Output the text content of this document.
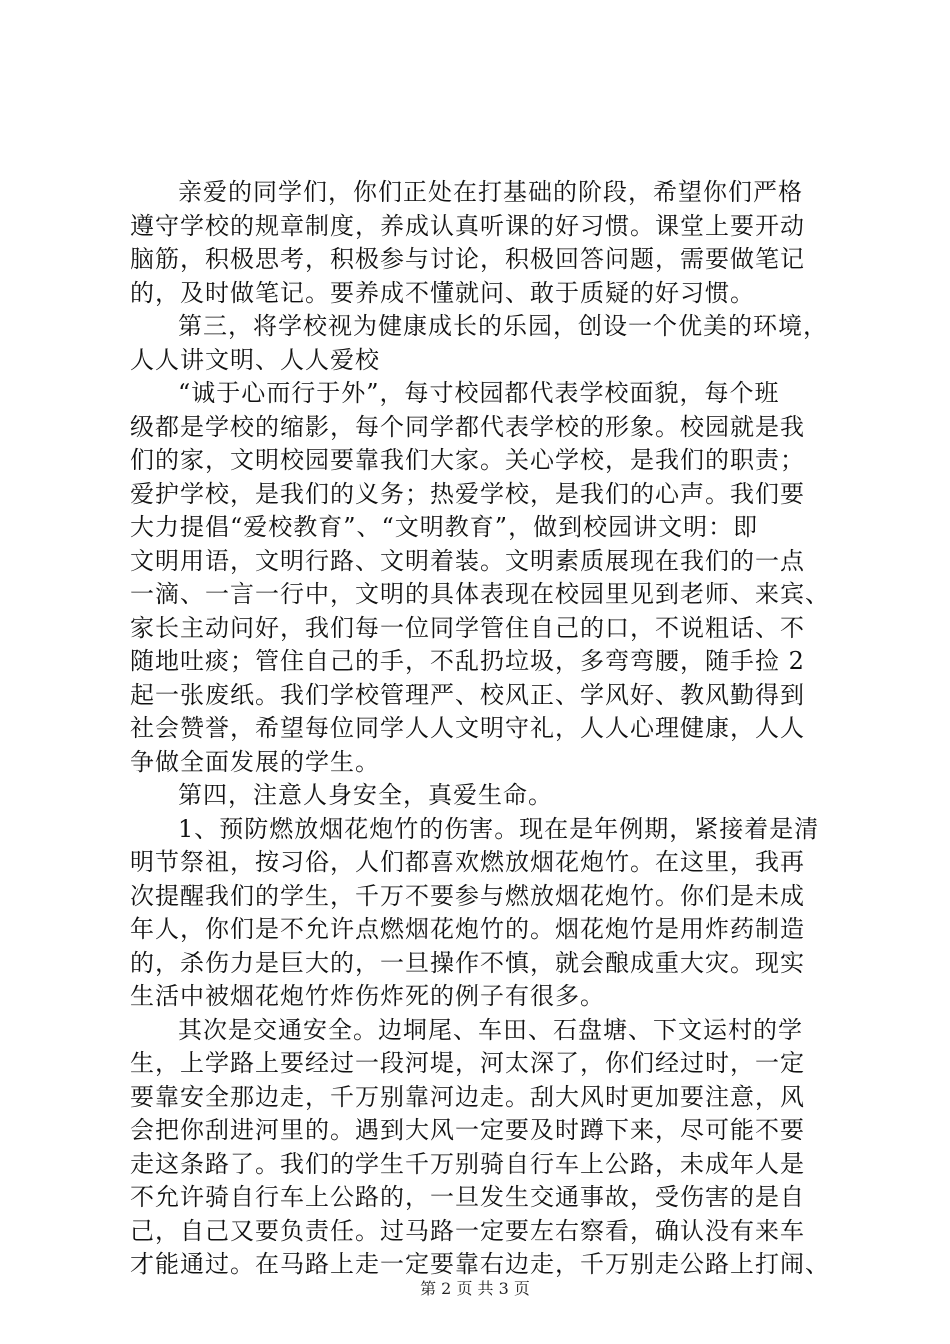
亲爱的同学们，你们正处在打基础的阶段，希望你们严格
遵守学校的规章制度，养成认真听课的好习惯。课堂上要开动
脑筋，积极思考，积极参与讨论，积极回答问题，需要做笔记
的，及时做笔记。要养成不懂就问、敢于质疑的好习惯。
第三，将学校视为健康成长的乐园，创设一个优美的环境，
人人讲文明、人人爱校
“诚于心而行于外”，每寸校园都代表学校面貌，每个班
级都是学校的缩影，每个同学都代表学校的形象。校园就是我
们的家，文明校园要靠我们大家。关心学校，是我们的职责；
爱护学校，是我们的义务；热爱学校，是我们的心声。我们要
大力提倡“爱校教育”、“文明教育”，做到校园讲文明：即
文明用语，文明行路、文明着装。文明素质展现在我们的一点
一滴、一言一行中，文明的具体表现在校园里见到老师、来宾、
家长主动问好，我们每一位同学管住自己的口，不说粗话、不
随地吐痰；管住自己的手，不乱扔垃圾，多弯弯腰，随手捡 2
起一张废纸。我们学校管理严、校风正、学风好、教风勤得到
社会赞誉，希望每位同学人人文明守礼，人人心理健康，人人
争做全面发展的学生。
第四，注意人身安全，真爱生命。
1、预防燃放烟花炮竹的伤害。现在是年例期，紧接着是清
明节祭祖，按习俗，人们都喜欢燃放烟花炮竹。在这里，我再
次提醒我们的学生，千万不要参与燃放烟花炮竹。你们是未成
年人，你们是不允许点燃烟花炮竹的。烟花炮竹是用炸药制造
的，杀伤力是巨大的，一旦操作不慎，就会酿成重大灾。现实
生活中被烟花炮竹炸伤炸死的例子有很多。
其次是交通安全。边垌尾、车田、石盘塘、下文运村的学
生，上学路上要经过一段河堤，河太深了，你们经过时，一定
要靠安全那边走，千万别靠河边走。刮大风时更加要注意，风
会把你刮进河里的。遇到大风一定要及时蹲下来，尽可能不要
走这条路了。我们的学生千万别骑自行车上公路，未成年人是
不允许骑自行车上公路的，一旦发生交通事故，受伤害的是自
己，自己又要负责任。过马路一定要左右察看，确认没有来车
才能通过。在马路上走一定要靠右边走，千万别走公路上打闹、
第 2 页 共 3 页
